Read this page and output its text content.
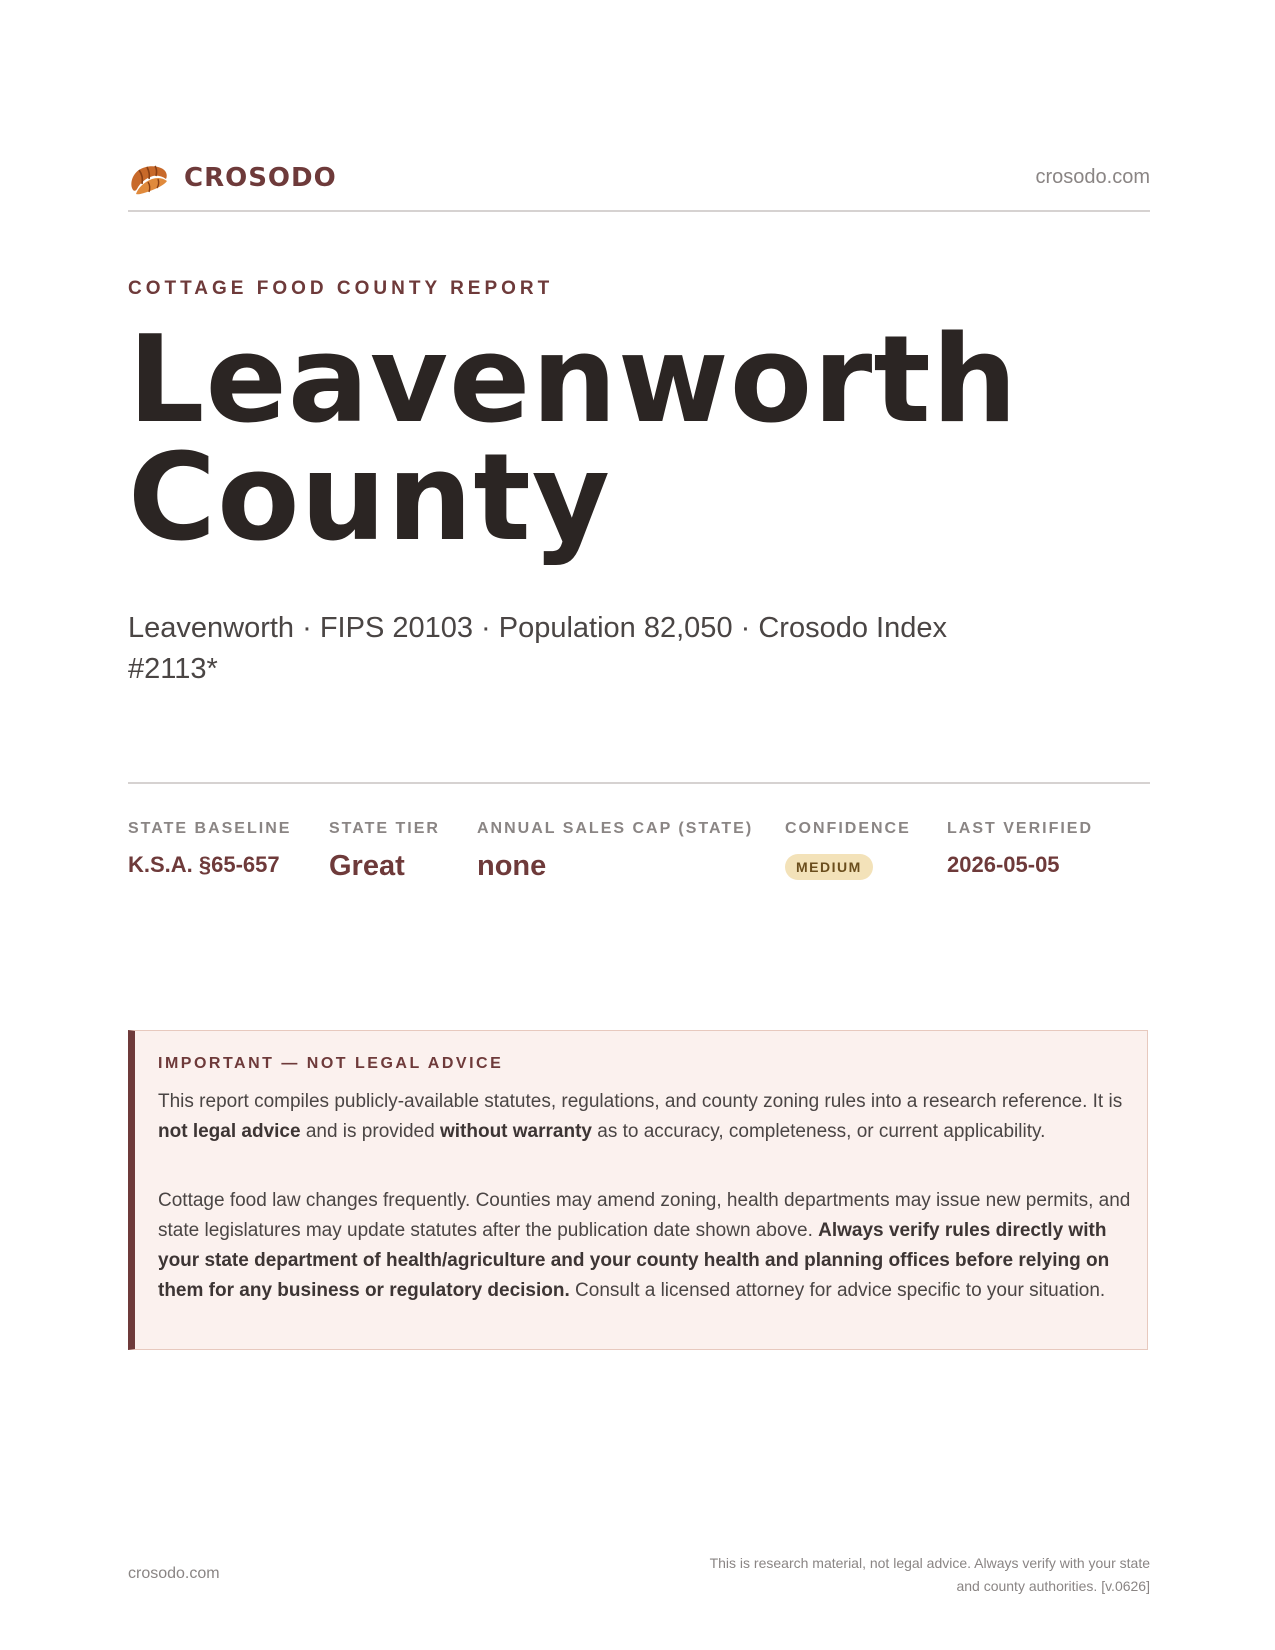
CROSODO	crosodo.com
COTTAGE FOOD COUNTY REPORT
Leavenworth
County
Leavenworth · FIPS 20103 · Population 82,050 · Crosodo Index #2113*
STATE BASELINE
K.S.A. §65-657
STATE TIER
Great
ANNUAL SALES CAP (STATE)
none
CONFIDENCE
MEDIUM
LAST VERIFIED
2026-05-05
IMPORTANT — NOT LEGAL ADVICE

This report compiles publicly-available statutes, regulations, and county zoning rules into a research reference. It is not legal advice and is provided without warranty as to accuracy, completeness, or current applicability.

Cottage food law changes frequently. Counties may amend zoning, health departments may issue new permits, and state legislatures may update statutes after the publication date shown above. Always verify rules directly with your state department of health/agriculture and your county health and planning offices before relying on them for any business or regulatory decision. Consult a licensed attorney for advice specific to your situation.

crosodo.com
This is research material, not legal advice. Always verify with your state
and county authorities. [v.0626]
